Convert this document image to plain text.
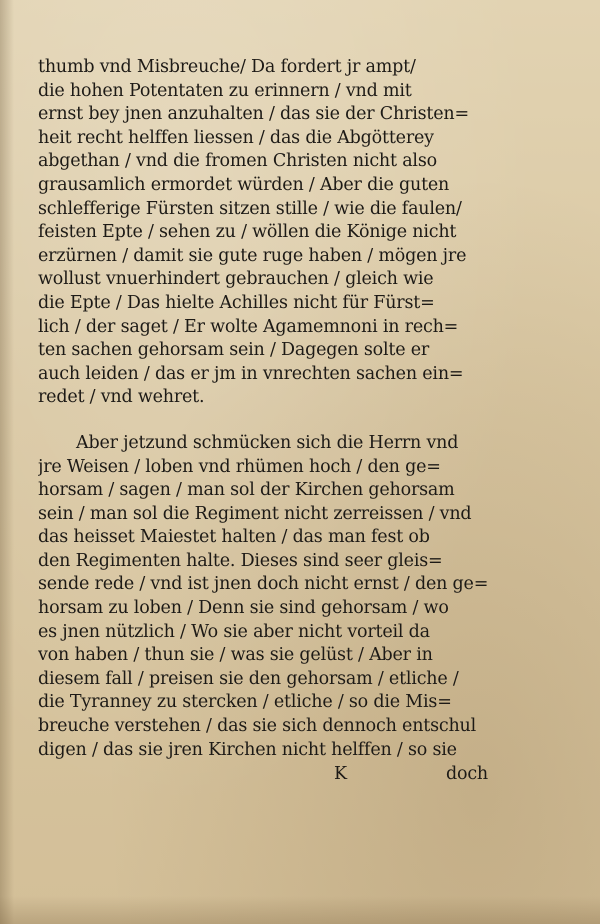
thumb vnd Misbreuche/ Da fordert jr ampt/
die hohen Potentaten zu erinnern / vnd mit
ernst bey jnen anzuhalten / das sie der Christen=
heit recht helffen liessen / das die Abgötterey
abgethan / vnd die fromen Christen nicht also
grausamlich ermordet würden / Aber die guten
schlefferige Fürsten sitzen stille / wie die faulen/
feisten Epte / sehen zu / wöllen die Könige nicht
erzürnen / damit sie gute ruge haben / mögen jre
wollust vnuerhindert gebrauchen / gleich wie
die Epte / Das hielte Achilles nicht für Fürst=
lich / der saget / Er wolte Agamemnoni in rech=
ten sachen gehorsam sein / Dagegen solte er
auch leiden / das er jm in vnrechten sachen ein=
redet / vnd wehret.
Aber jetzund schmücken sich die Herrn vnd
jre Weisen / loben vnd rhümen hoch / den ge=
horsam / sagen / man sol der Kirchen gehorsam
sein / man sol die Regiment nicht zerreissen / vnd
das heisset Maiestet halten / das man fest ob
den Regimenten halte. Dieses sind seer gleis=
sende rede / vnd ist jnen doch nicht ernst / den ge=
horsam zu loben / Denn sie sind gehorsam / wo
es jnen nützlich / Wo sie aber nicht vorteil da
von haben / thun sie / was sie gelüst / Aber in
diesem fall / preisen sie den gehorsam / etliche /
die Tyranney zu stercken / etliche / so die Mis=
breuche verstehen / das sie sich dennoch entschul
digen / das sie jren Kirchen nicht helffen / so sie
K	doch
